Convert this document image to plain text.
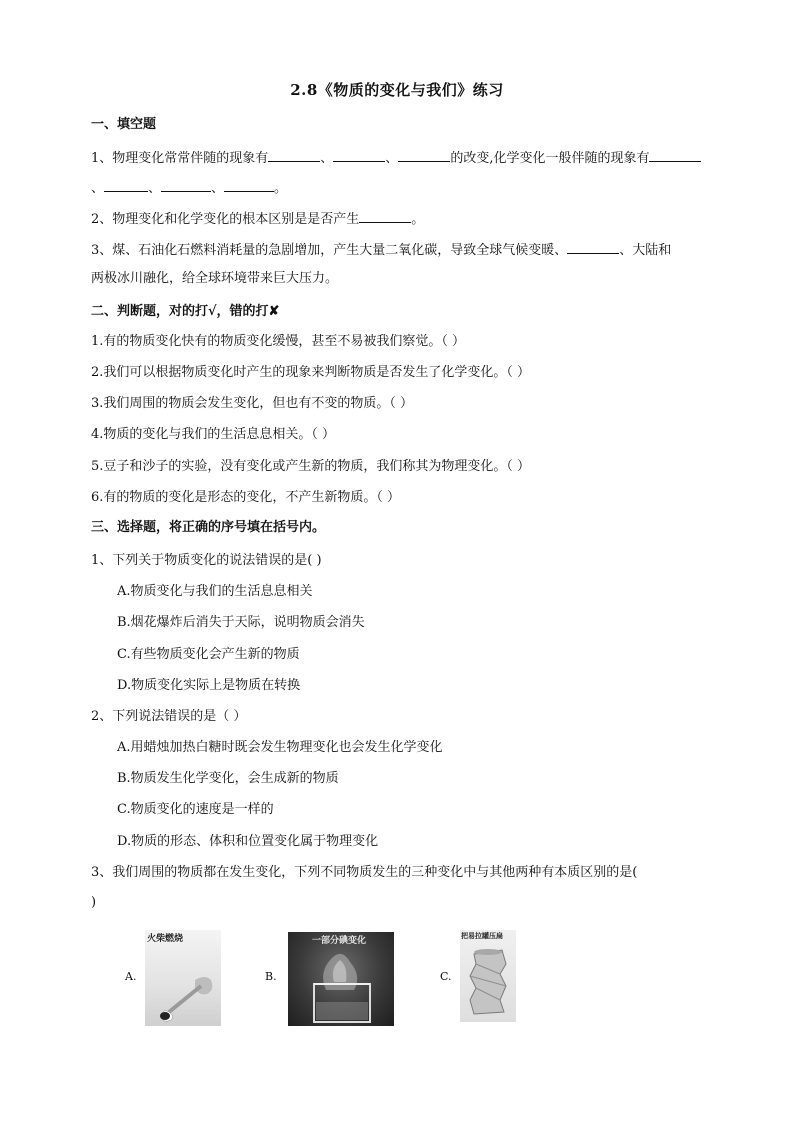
2.8《物质的变化与我们》练习
一、填空题
1、物理变化常常伴随的现象有	、	、	的改变,化学变化一般伴随的现象有
、	、	、	。
2、物理变化和化学变化的根本区别是是否产生	。
3、煤、石油化石燃料消耗量的急剧增加，产生大量二氧化碳，导致全球气候变暖、	、大陆和
两极冰川融化，给全球环境带来巨大压力。
二、判断题，对的打√，错的打✘
1.有的物质变化快有的物质变化缓慢，甚至不易被我们察觉。（ ）
2.我们可以根据物质变化时产生的现象来判断物质是否发生了化学变化。（ ）
3.我们周围的物质会发生变化，但也有不变的物质。（ ）
4.物质的变化与我们的生活息息相关。（ ）
5.豆子和沙子的实验，没有变化或产生新的物质，我们称其为物理变化。（ ）
6.有的物质的变化是形态的变化，不产生新物质。（ ）
三、选择题，将正确的序号填在括号内。
1、下列关于物质变化的说法错误的是( )
A.物质变化与我们的生活息息相关
B.烟花爆炸后消失于天际，说明物质会消失
C.有些物质变化会产生新的物质
D.物质变化实际上是物质在转换
2、下列说法错误的是（ ）
A.用蜡烛加热白糖时既会发生物理变化也会发生化学变化
B.物质发生化学变化，会生成新的物质
C.物质变化的速度是一样的
D.物质的形态、体积和位置变化属于物理变化
3、我们周围的物质都在发生变化，下列不同物质发生的三种变化中与其他两种有本质区别的是(
)
A.
火柴燃烧
B.
一部分碘变化
C.
把易拉罐压扁
